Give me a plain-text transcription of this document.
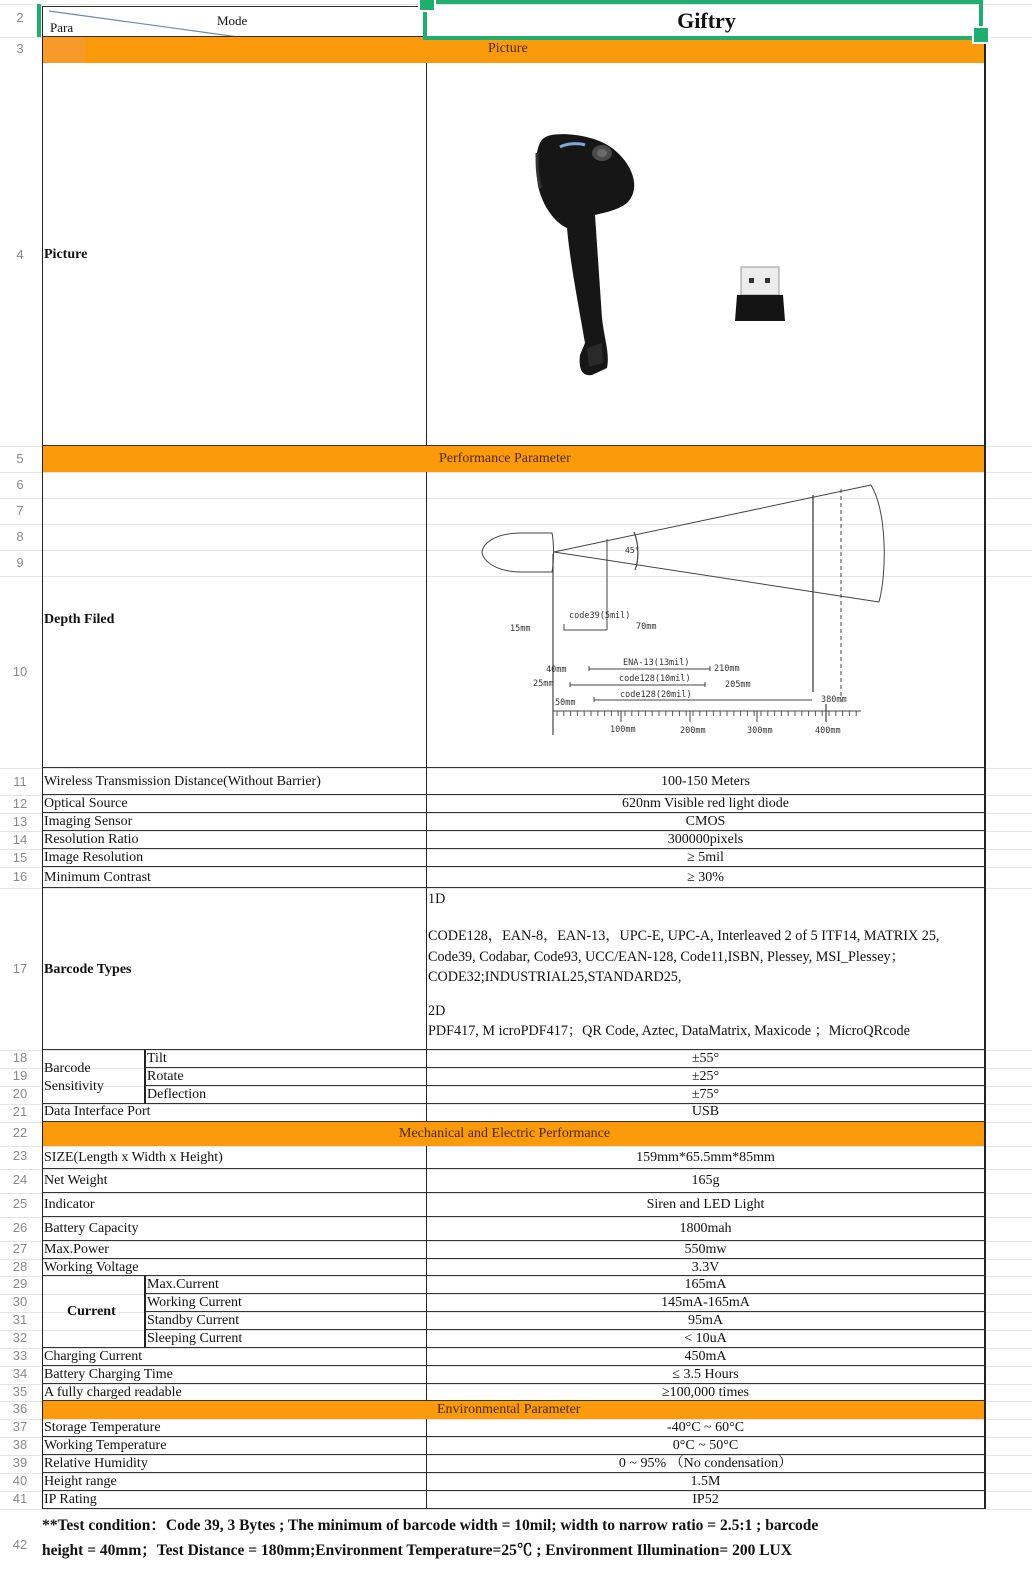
2
3
4
5
6
7
8
9
10
11
12
13
14
15
16
17
18
19
20
21
22
23
24
25
26
27
28
29
30
31
32
33
34
35
36
37
38
39
40
41
42
Para	Mode	Giftry
Picture
Picture
Performance Parameter
Depth Filed
45°
code39(5mil)
15mm	70mm
ENA-13(13mil)
40mm	210mm
code128(10mil)
25mm	205mm
code128(20mil)
50mm	380mm
100mm	200mm	300mm	400mm
Wireless Transmission Distance(Without Barrier)	100-150 Meters
Optical Source	620nm Visible red light diode
Imaging Sensor	CMOS
Resolution Ratio	300000pixels
Image Resolution	≥ 5mil
Minimum Contrast	≥ 30%
Barcode Types
1D
CODE128，EAN-8，EAN-13，UPC-E, UPC-A, Interleaved 2 of 5 ITF14, MATRIX 25,
Code39, Codabar, Code93, UCC/EAN-128, Code11,ISBN, Plessey, MSI_Plessey；
CODE32;INDUSTRIAL25,STANDARD25,
2D
PDF417, M icroPDF417；QR Code, Aztec, DataMatrix, Maxicode ；MicroQRcode
Barcode
Sensitivity
Tilt	±55°
Rotate	±25°
Deflection	±75°
Data Interface Port	USB
Mechanical and Electric Performance
SIZE(Length x Width x Height)	159mm*65.5mm*85mm
Net Weight	165g
Indicator	Siren and LED Light
Battery Capacity	1800mah
Max.Power	550mw
Working Voltage	3.3V
Current
Max.Current	165mA
Working Current	145mA-165mA
Standby Current	95mA
Sleeping Current	< 10uA
Charging Current	450mA
Battery Charging Time	≤ 3.5 Hours
A fully charged readable	≥100,000 times
Environmental Parameter
Storage Temperature	-40°C ~ 60°C
Working Temperature	0°C ~ 50°C
Relative Humidity	0 ~ 95% （No condensation）
Height range	1.5M
IP Rating	IP52
**Test condition：Code 39, 3 Bytes ; The minimum of barcode width = 10mil; width to narrow ratio = 2.5:1 ; barcode
height = 40mm；Test Distance = 180mm;Environment Temperature=25℃ ; Environment Illumination= 200 LUX
